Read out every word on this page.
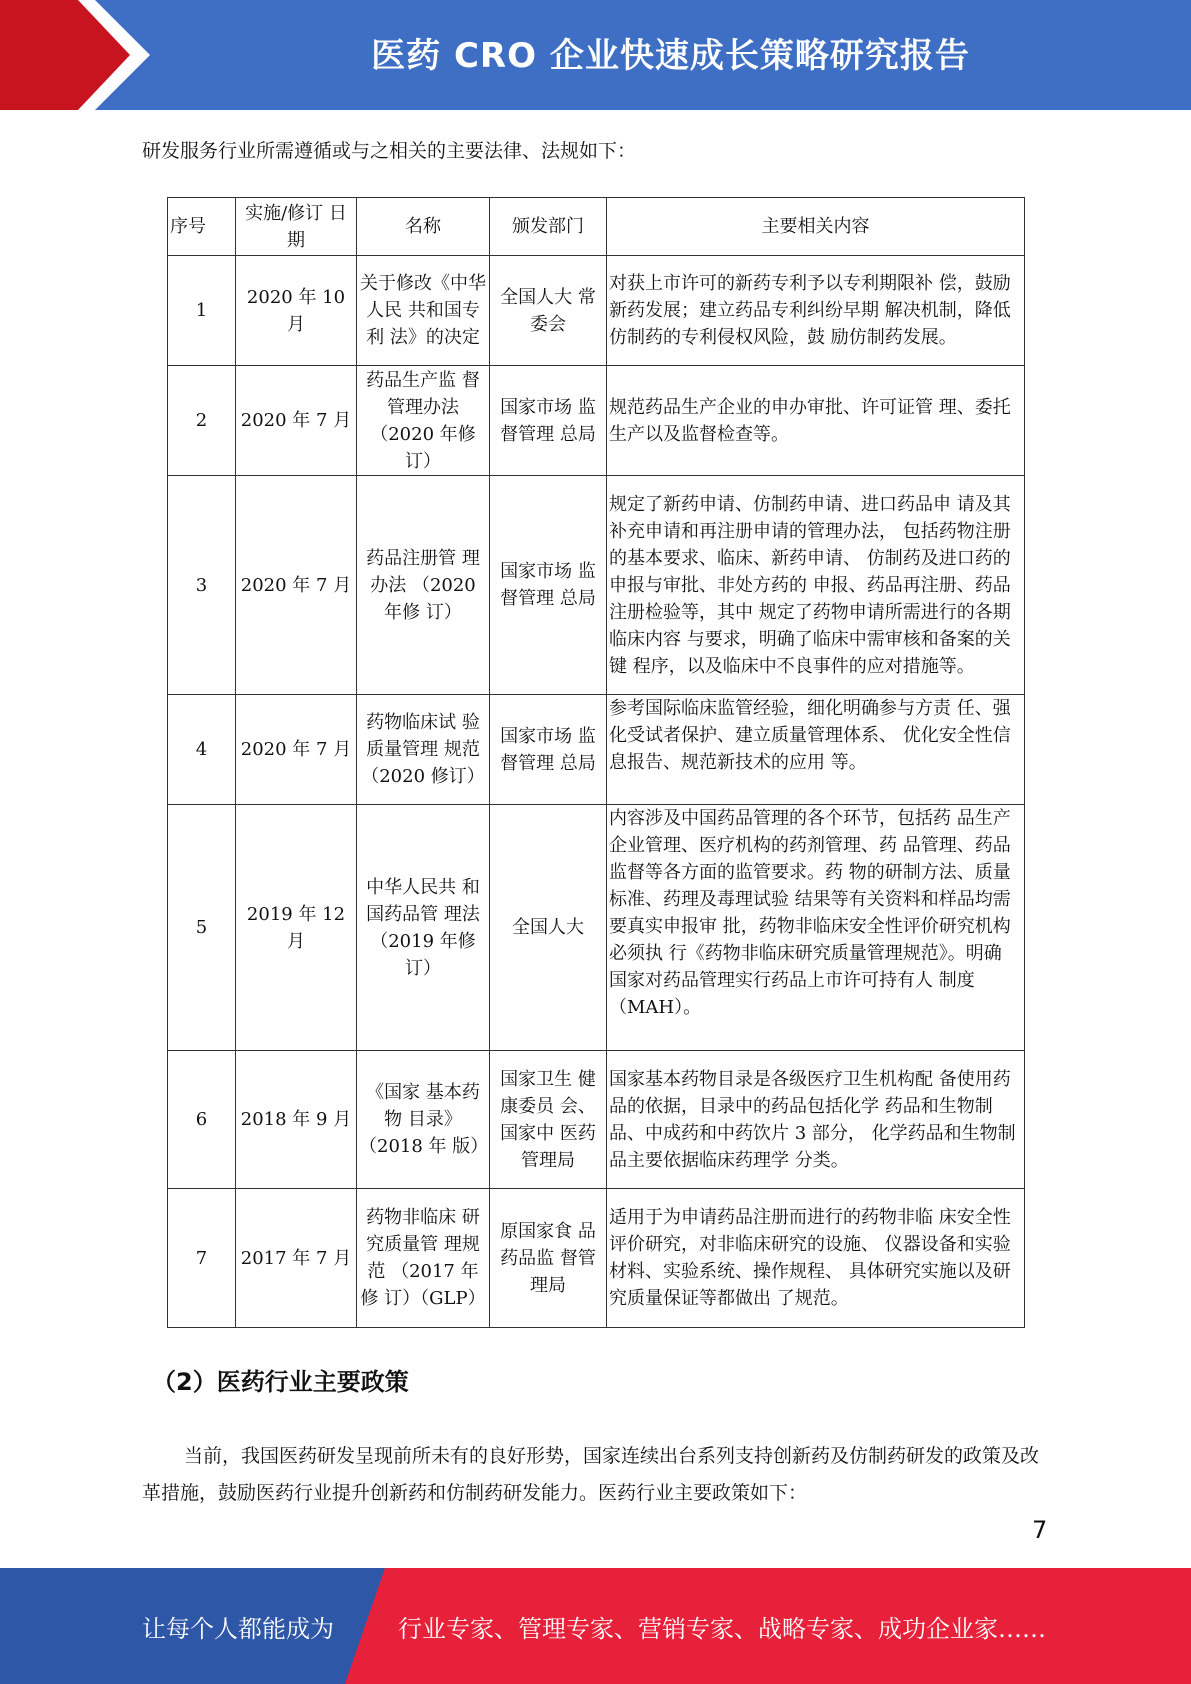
医药 CRO 企业快速成长策略研究报告
研发服务行业所需遵循或与之相关的主要法律、法规如下：
序号	实施/修订 日期	名称	颁发部门	主要相关内容
1	2020 年 10 月	关于修改《中华人民 共和国专利 法》的决定	全国人大 常委会	对获上市许可的新药专利予以专利期限补 偿，鼓励新药发展；建立药品专利纠纷早期 解决机制，降低仿制药的专利侵权风险，鼓 励仿制药发展。
2	2020 年 7 月	药品生产监 督管理办法 （2020 年修 订）	国家市场 监督管理 总局	规范药品生产企业的申办审批、许可证管 理、委托生产以及监督检查等。
3	2020 年 7 月	药品注册管 理办法 （2020 年修 订）	国家市场 监督管理 总局	规定了新药申请、仿制药申请、进口药品申 请及其补充申请和再注册申请的管理办法， 包括药物注册的基本要求、临床、新药申请、 仿制药及进口药的申报与审批、非处方药的 申报、药品再注册、药品注册检验等，其中 规定了药物申请所需进行的各期临床内容 与要求，明确了临床中需审核和备案的关键 程序，以及临床中不良事件的应对措施等。
4	2020 年 7 月	药物临床试 验质量管理 规范（2020 修订）	国家市场 监督管理 总局	参考国际临床监管经验，细化明确参与方责 任、强化受试者保护、建立质量管理体系、 优化安全性信息报告、规范新技术的应用 等。
5	2019 年 12 月	中华人民共 和国药品管 理法 （2019 年修 订）	全国人大	内容涉及中国药品管理的各个环节，包括药 品生产企业管理、医疗机构的药剂管理、药 品管理、药品监督等各方面的监管要求。药 物的研制方法、质量标准、药理及毒理试验 结果等有关资料和样品均需要真实申报审 批，药物非临床安全性评价研究机构必须执 行《药物非临床研究质量管理规范》。明确 国家对药品管理实行药品上市许可持有人 制度（MAH）。
6	2018 年 9 月	《国家 基本药物 目录》 （2018 年 版）	国家卫生 健康委员 会、国家中 医药管理局	国家基本药物目录是各级医疗卫生机构配 备使用药品的依据，目录中的药品包括化学 药品和生物制品、中成药和中药饮片 3 部分， 化学药品和生物制品主要依据临床药理学 分类。
7	2017 年 7 月	药物非临床 研究质量管 理规范 （2017 年修 订）（GLP）	原国家食 品药品监 督管理局	适用于为申请药品注册而进行的药物非临 床安全性评价研究，对非临床研究的设施、 仪器设备和实验材料、实验系统、操作规程、 具体研究实施以及研究质量保证等都做出 了规范。
（2）医药行业主要政策
当前，我国医药研发呈现前所未有的良好形势，国家连续出台系列支持创新药及仿制药研发的政策及改革措施，鼓励医药行业提升创新药和仿制药研发能力。医药行业主要政策如下：
7
让每个人都能成为	行业专家、管理专家、营销专家、战略专家、成功企业家……
